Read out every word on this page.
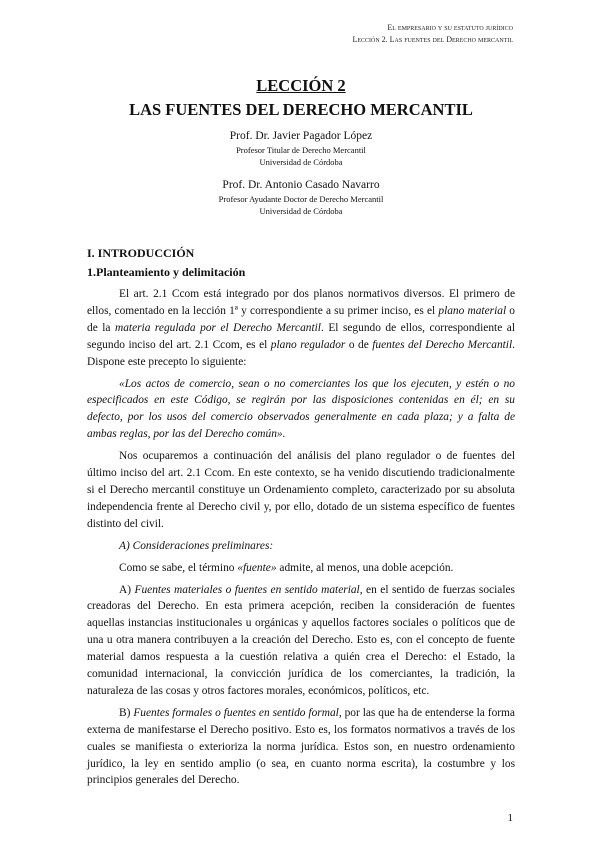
El empresario y su estatuto jurídico
Lección 2. Las fuentes del Derecho mercantil
LECCIÓN 2
LAS FUENTES DEL DERECHO MERCANTIL
Prof. Dr. Javier Pagador López
Profesor Titular de Derecho Mercantil
Universidad de Córdoba
Prof. Dr. Antonio Casado Navarro
Profesor Ayudante Doctor de Derecho Mercantil
Universidad de Córdoba
I. INTRODUCCIÓN
1.Planteamiento y delimitación

El art. 2.1 Ccom está integrado por dos planos normativos diversos. El primero de ellos, comentado en la lección 1ª y correspondiente a su primer inciso, es el plano material o de la materia regulada por el Derecho Mercantil. El segundo de ellos, correspondiente al segundo inciso del art. 2.1 Ccom, es el plano regulador o de fuentes del Derecho Mercantil. Dispone este precepto lo siguiente:

«Los actos de comercio, sean o no comerciantes los que los ejecuten, y estén o no especificados en este Código, se regirán por las disposiciones contenidas en él; en su defecto, por los usos del comercio observados generalmente en cada plaza; y a falta de ambas reglas, por las del Derecho común».

Nos ocuparemos a continuación del análisis del plano regulador o de fuentes del último inciso del art. 2.1 Ccom. En este contexto, se ha venido discutiendo tradicionalmente si el Derecho mercantil constituye un Ordenamiento completo, caracterizado por su absoluta independencia frente al Derecho civil y, por ello, dotado de un sistema específico de fuentes distinto del civil.

A) Consideraciones preliminares:

Como se sabe, el término «fuente» admite, al menos, una doble acepción.

A) Fuentes materiales o fuentes en sentido material, en el sentido de fuerzas sociales creadoras del Derecho. En esta primera acepción, reciben la consideración de fuentes aquellas instancias institucionales u orgánicas y aquellos factores sociales o políticos que de una u otra manera contribuyen a la creación del Derecho. Esto es, con el concepto de fuente material damos respuesta a la cuestión relativa a quién crea el Derecho: el Estado, la comunidad internacional, la convicción jurídica de los comerciantes, la tradición, la naturaleza de las cosas y otros factores morales, económicos, políticos, etc.

B) Fuentes formales o fuentes en sentido formal, por las que ha de entenderse la forma externa de manifestarse el Derecho positivo. Esto es, los formatos normativos a través de los cuales se manifiesta o exterioriza la norma jurídica. Estos son, en nuestro ordenamiento jurídico, la ley en sentido amplio (o sea, en cuanto norma escrita), la costumbre y los principios generales del Derecho.

1
